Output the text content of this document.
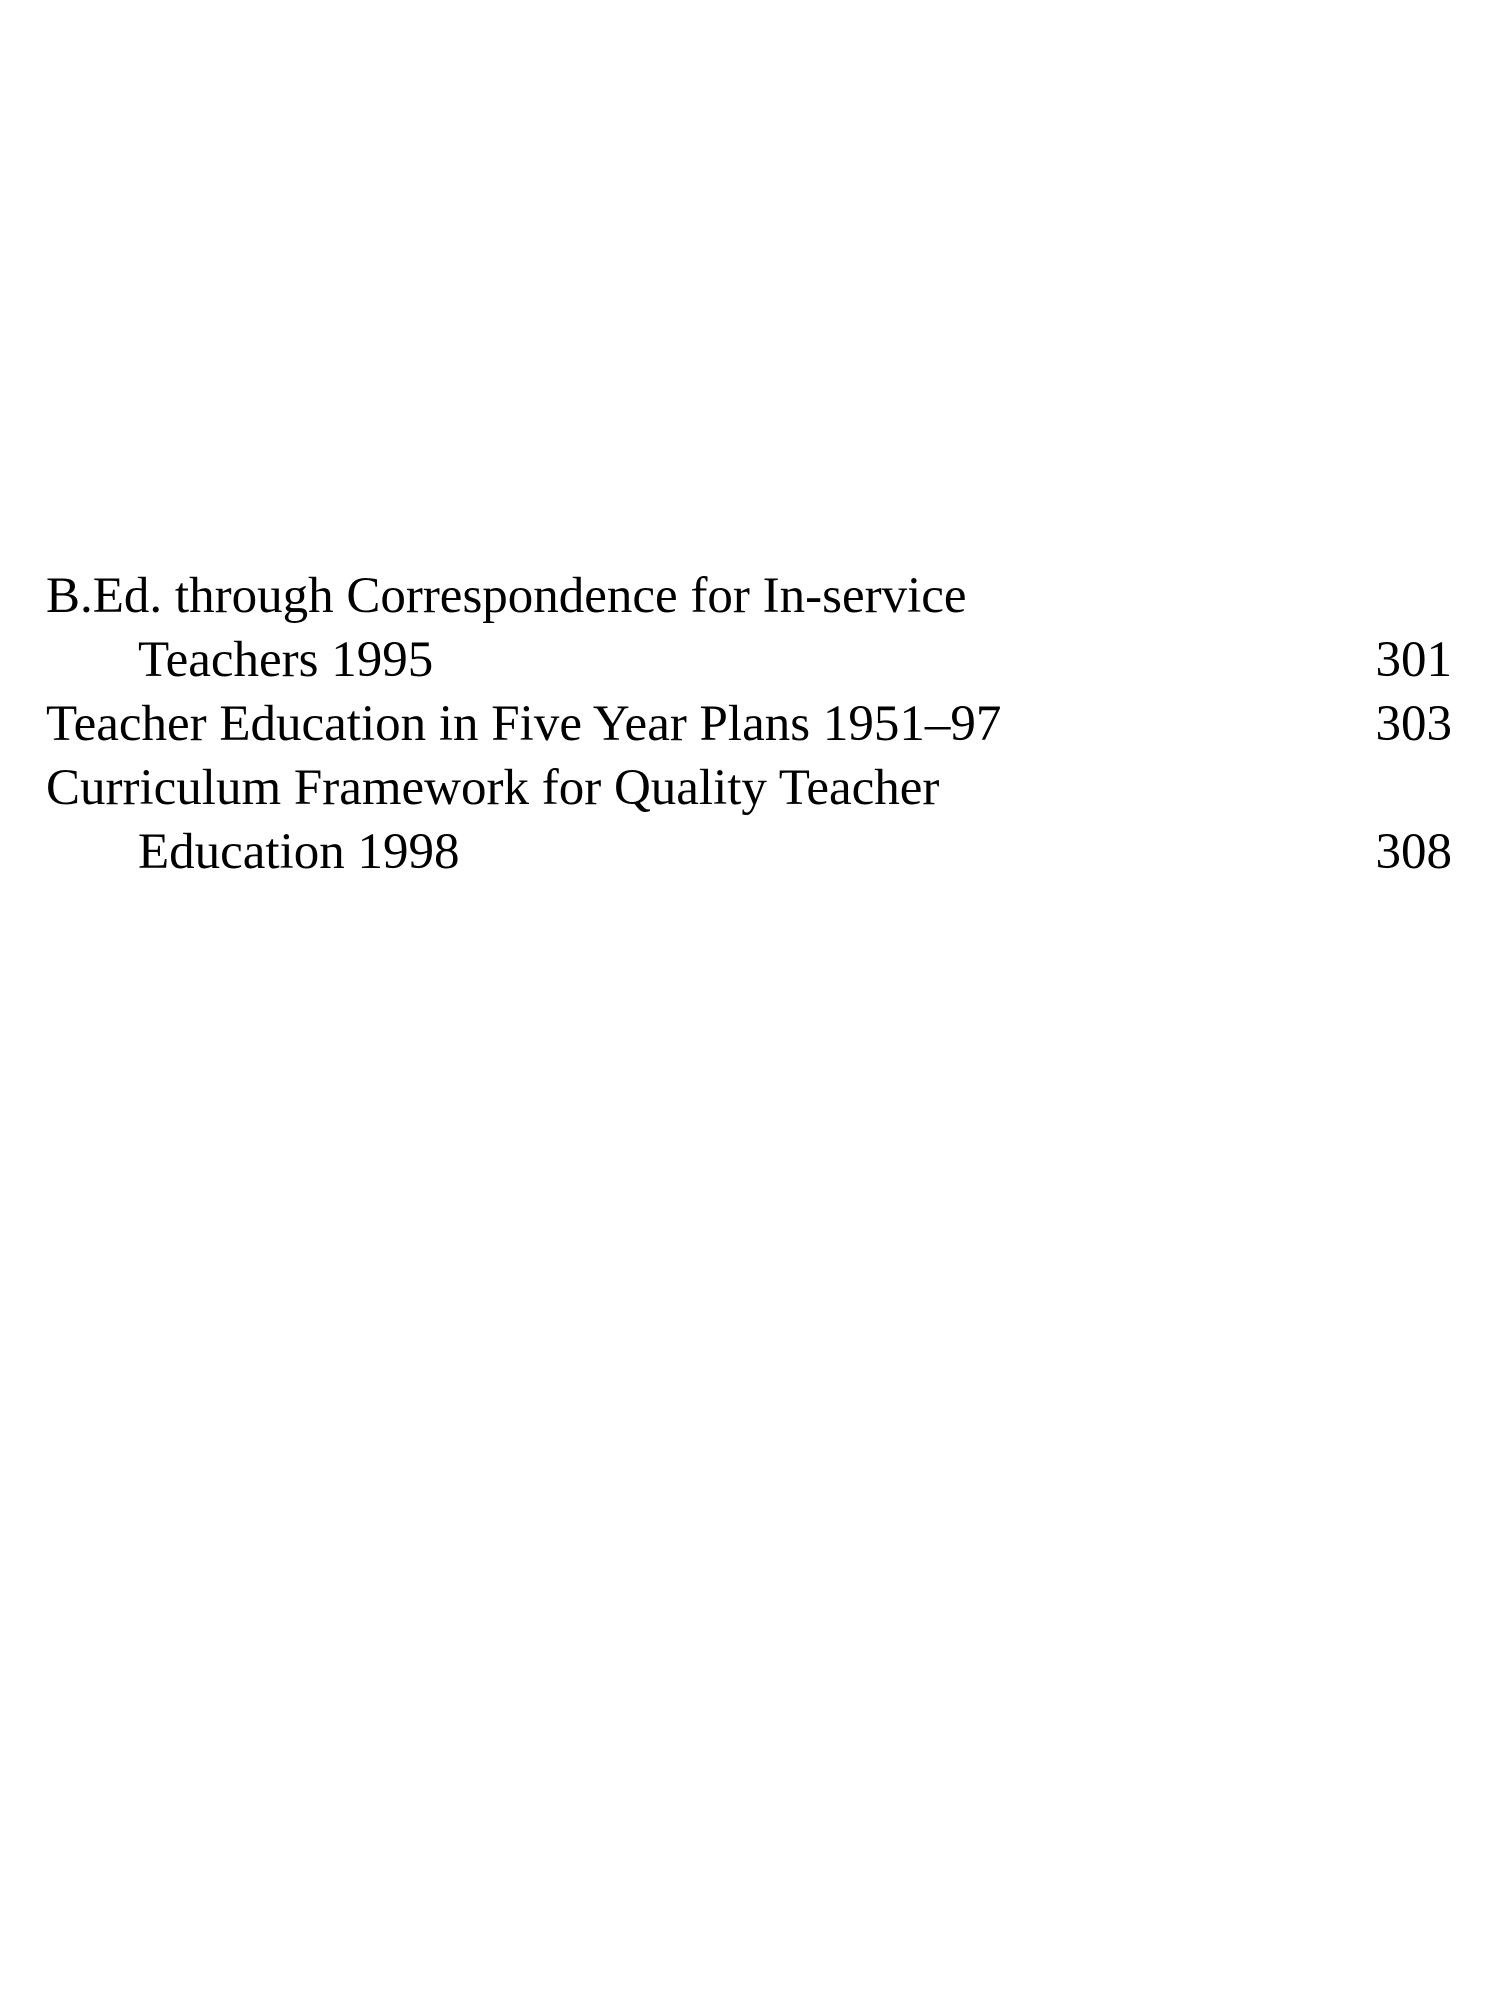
B.Ed. through Correspondence for In-service
Teachers 1995	301
Teacher Education in Five Year Plans 1951–97	303
Curriculum Framework for Quality Teacher
Education 1998	308
